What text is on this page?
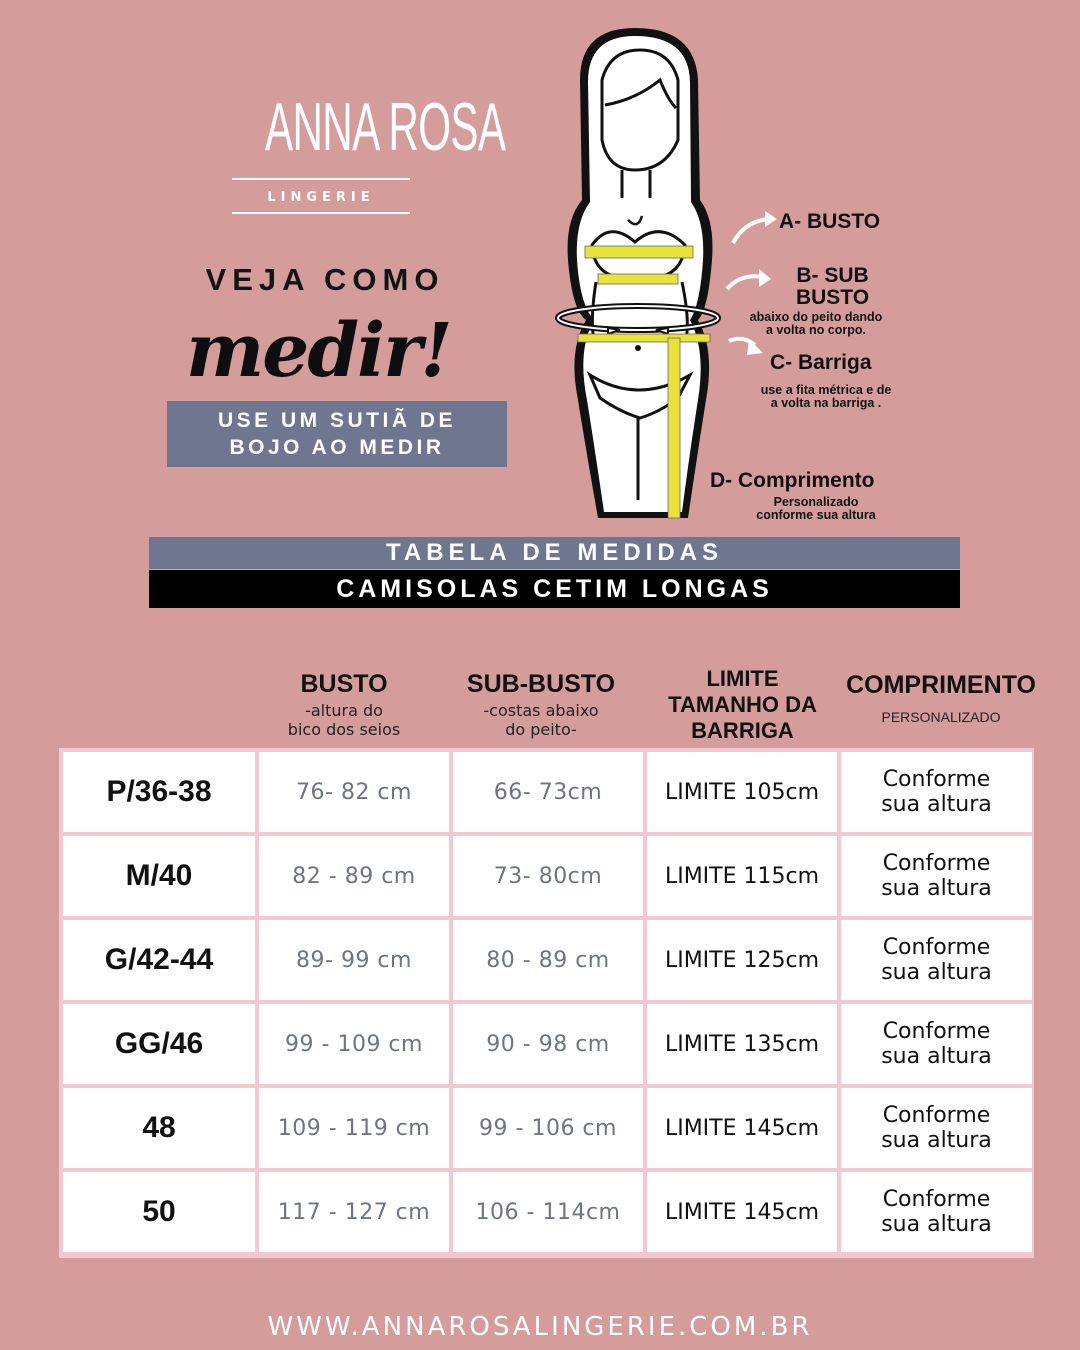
ANNA ROSA
LINGERIE
VEJA COMO
medir!
USE UM SUTIÃ DE
BOJO AO MEDIR
A- BUSTO
B- SUB
BUSTO
abaixo do peito dando
a volta no corpo.
C- Barriga
use a fita métrica e de
a volta na barriga .
D- Comprimento
Personalizado
conforme sua altura
TABELA DE MEDIDAS
CAMISOLAS CETIM LONGAS
BUSTO
-altura do
bico dos seios
SUB-BUSTO
-costas abaixo
do peito-
LIMITE
TAMANHO DA
BARRIGA
COMPRIMENTO
PERSONALIZADO
P/36-38	76- 82 cm	66- 73cm	LIMITE 105cm	Conforme
sua altura
M/40	82 - 89 cm	73- 80cm	LIMITE 115cm	Conforme
sua altura
G/42-44	89- 99 cm	80 - 89 cm	LIMITE 125cm	Conforme
sua altura
GG/46	99 - 109 cm	90 - 98 cm	LIMITE 135cm	Conforme
sua altura
48	109 - 119 cm	99 - 106 cm	LIMITE 145cm	Conforme
sua altura
50	117 - 127 cm	106 - 114cm	LIMITE 145cm	Conforme
sua altura
WWW.ANNAROSALINGERIE.COM.BR
